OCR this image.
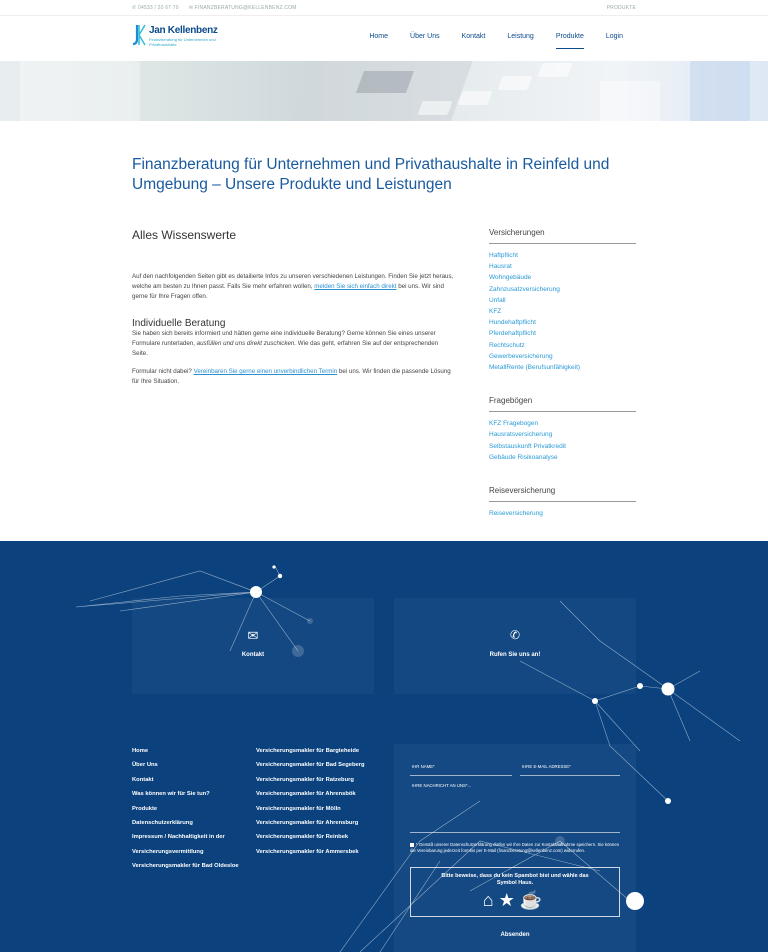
✆ 04533 / 20 67 70 ✉ FINANZBERATUNG@KELLENBENZ.COM	PRODUKTE
Jan Kellenbenz
Finanzberatung für Unternehmen und Privathaushalte
Home	Über Uns	Kontakt	Leistung	Produkte	Login
Finanzberatung für Unternehmen und Privathaushalte in Reinfeld und Umgebung – Unsere Produkte und Leistungen
Alles Wissenswerte

Auf den nachfolgenden Seiten gibt es detailierte Infos zu unseren verschiedenen Leistungen. Finden Sie jetzt heraus, welche am besten zu Ihnen passt. Falls Sie mehr erfahren wollen, melden Sie sich einfach direkt bei uns. Wir sind gerne für Ihre Fragen offen.

Individuelle Beratung

Sie haben sich bereits informiert und hätten gerne eine individuelle Beratung? Gerne können Sie eines unserer Formulare runterladen, ausfüllen und uns direkt zuschicken. Wie das geht, erfahren Sie auf der entsprechenden Seite.

Formular nicht dabei? Vereinbaren Sie gerne einen unverbindlichen Termin bei uns. Wir finden die passende Lösung für Ihre Situation.

Versicherungen
Haftpflicht
Hausrat
Wohngebäude
Zahnzusatzversicherung
Unfall
KFZ
Hundehaftpflicht
Pferdehaftpflicht
Rechtschutz
Gewerbeversicherung
MetallRente (Berufsunfähigkeit)
Fragebögen
KFZ Fragebogen
Hausratsversicherung
Selbstauskunft Privatkredit
Gebäude Risikoanalyse
Reiseversicherung
Reiseversicherung
✉
Kontakt
✆
Rufen Sie uns an!
Home
Über Uns
Kontakt
Was können wir für Sie tun?
Produkte
Datenschutzerklärung
Impressum / Nachhaltigkeit in der
Versicherungsvermittlung
Versicherungsmakler für Bad Oldesloe
Versicherungsmakler für Bargteheide
Versicherungsmakler für Bad Segeberg
Versicherungsmakler für Ratzeburg
Versicherungsmakler für Ahrensbök
Versicherungsmakler für Mölln
Versicherungsmakler für Ahrensburg
Versicherungsmakler für Reinbek
Versicherungsmakler für Ammersbek
IHR NAME*	IHRE E-MAIL ADRESSE*
IHRE NACHRICHT AN UNS*...
* Gemäß unserer Datenschutzerklärung dürfen wir Ihre Daten zur Kontaktaufnahme speichern. Sie können die Vereinbarung jederzeit formlos per E-Mail (finanzberatung@kellenbenz.com) widerrufen.
Bitte beweise, dass du kein Spambot bist und wähle das Symbol Haus.
⌂★☕
Absenden
